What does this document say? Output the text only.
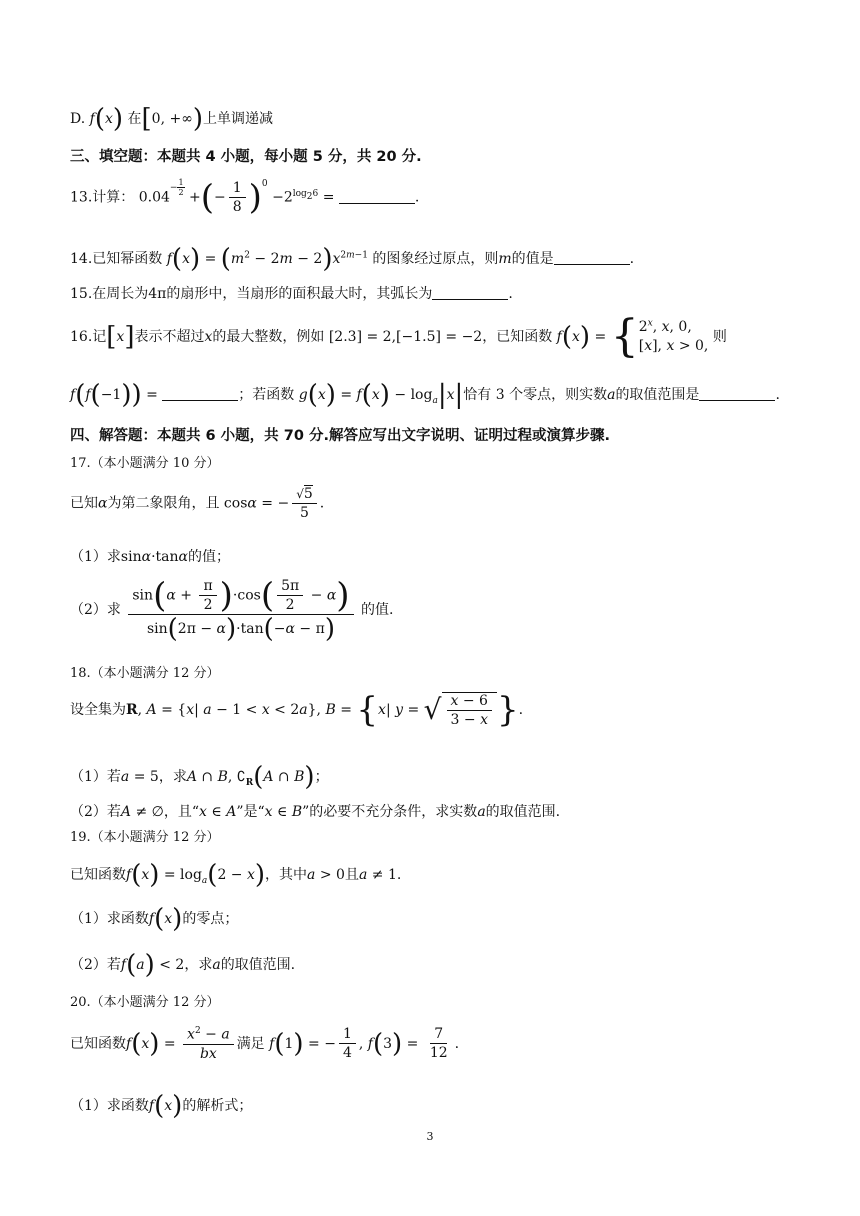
D. f(x) 在[0, +∞)上单调递减
三、填空题：本题共 4 小题，每小题 5 分，共 20 分.
13.计算： $0.04^{- \frac{1}{2}}$
+(− $\frac{1}{8} )^0 -2^{log_26}$ =	.
14.已知幂函数 $f(x) = (m^2 - 2m - 2)x^{2m-1}$ 的图象经过原点，则m的值是	.
15.在周长为4π的扇形中，当扇形的面积最大时，其弧长为	.
16.记[x]表示不超过x的最大整数，例如 [2.3] = 2,[−1.5] = −2，已知函数 $f(x) = \{2^x$, x, 0,
[x], x > 0, 则
f(f(−1)) =	；若函数 $g(x) = f(x) - \log_a|x|$恰有 3 个零点，则实数a的取值范围是	.
四、解答题：本题共 6 小题，共 70 分.解答应写出文字说明、证明过程或演算步骤.
17.（本小题满分 10 分）
已知α为第二象限角，且 cosα = − $\frac{√5}{5}$ .
（1）求sinα·tanα的值；
（2）求 $\frac{\sin(\alpha + \frac{\pi}{2} )\cdot\cos( \frac{5\pi}{2} - \alpha)}{\sin(2\pi - \alpha)\cdot\tan(-\alpha - \pi)}$ 的值.
18.（本小题满分 12 分）
设全集为R, A = {x| a − 1 < x < 2a}, B = {x| y = √ $\frac{x - 6}{3 - x}$ }.
（1）若a = 5，求A ∩ B, $∁_R(A$ ∩ B)；
（2）若A ≠ ∅，且“x ∈ A”是“x ∈ B”的必要不充分条件，求实数a的取值范围.
19.（本小题满分 12 分）
已知函数$f(x) = \log_a(2 - x)$，其中a > 0且a ≠ 1.
（1）求函数f(x)的零点；
（2）若f(a) < 2，求a的取值范围.
20.（本小题满分 12 分）
已知函数$f(x) = \frac{x^2 - a}{bx}$ 满足 f(1) = − $\frac{1}{4}$ , $f(3) = \frac{7}{12}$ .
（1）求函数f(x)的解析式；
3
